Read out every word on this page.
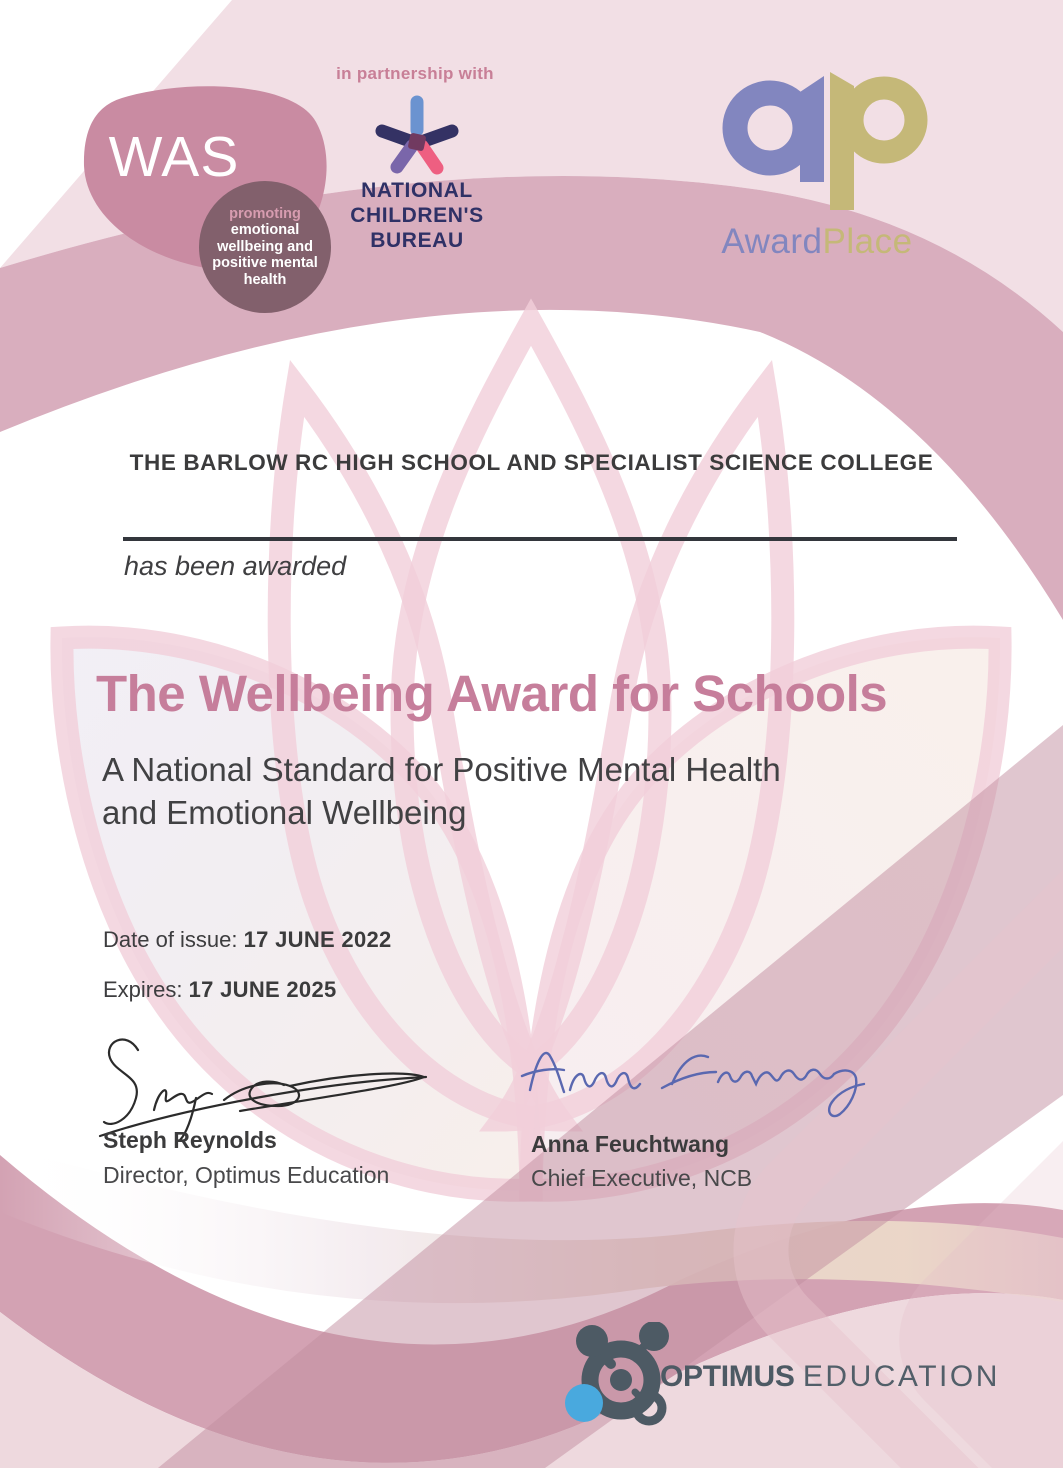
WAS
promoting
emotional wellbeing and positive mental health
in partnership with
NATIONAL
CHILDREN'S
BUREAU	AwardPlace
THE BARLOW RC HIGH SCHOOL AND SPECIALIST SCIENCE COLLEGE
has been awarded
The Wellbeing Award for Schools
A National Standard for Positive Mental Health
and Emotional Wellbeing
Date of issue: 17 JUNE 2022
Expires: 17 JUNE 2025
Steph Reynolds
Director, Optimus Education
Anna Feuchtwang
Chief Executive, NCB
OPTIMUS EDUCATION
